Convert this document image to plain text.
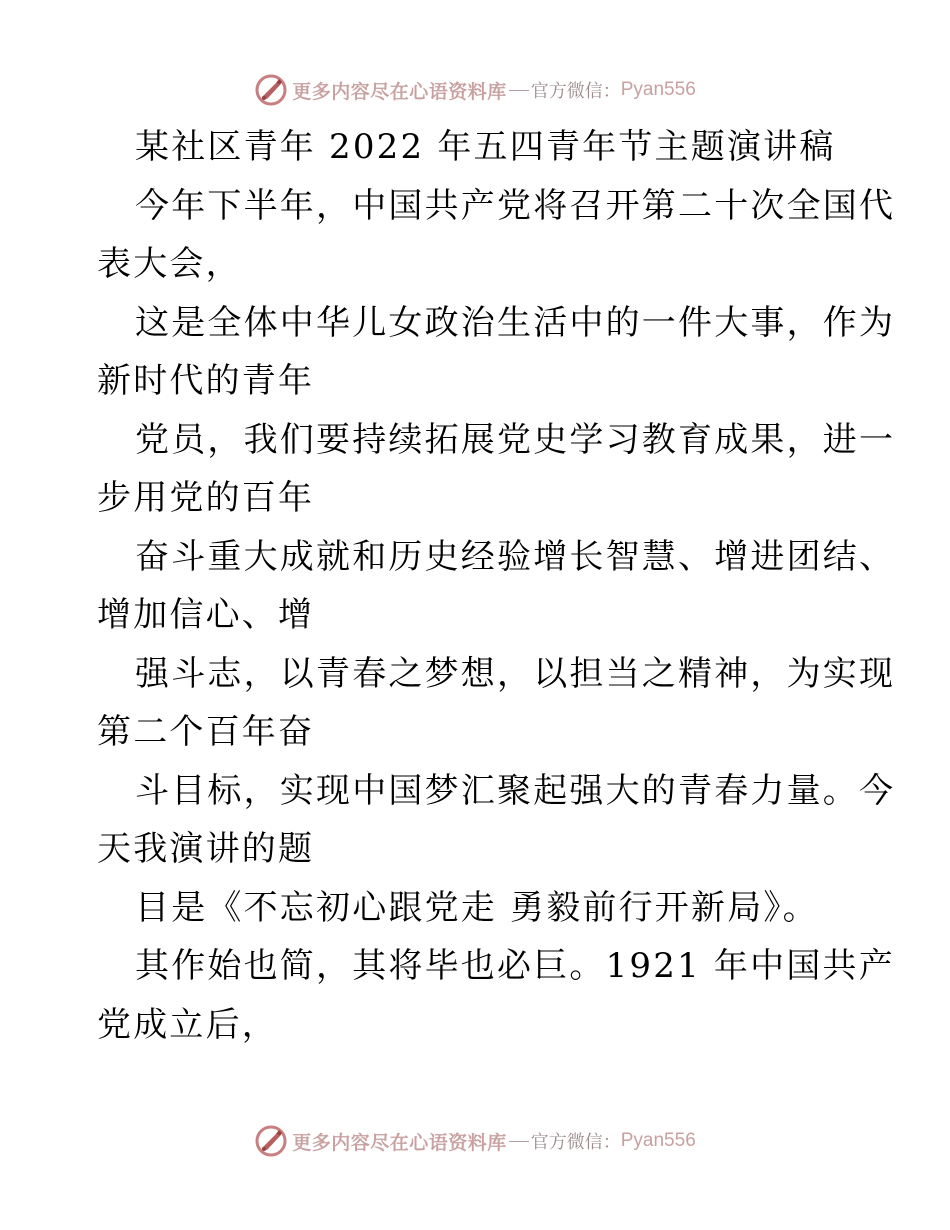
更多内容尽在心语资料库 官方微信： Pyan556
某社区青年 2022 年五四青年节主题演讲稿
今年下半年，中国共产党将召开第二十次全国代
表大会，
这是全体中华儿女政治生活中的一件大事，作为
新时代的青年
党员，我们要持续拓展党史学习教育成果，进一
步用党的百年
奋斗重大成就和历史经验增长智慧、增进团结、
增加信心、增
强斗志，以青春之梦想，以担当之精神，为实现
第二个百年奋
斗目标，实现中国梦汇聚起强大的青春力量。今
天我演讲的题
目是《不忘初心跟党走 勇毅前行开新局》。
其作始也简，其将毕也必巨。1921 年中国共产
党成立后，
更多内容尽在心语资料库 官方微信： Pyan556
